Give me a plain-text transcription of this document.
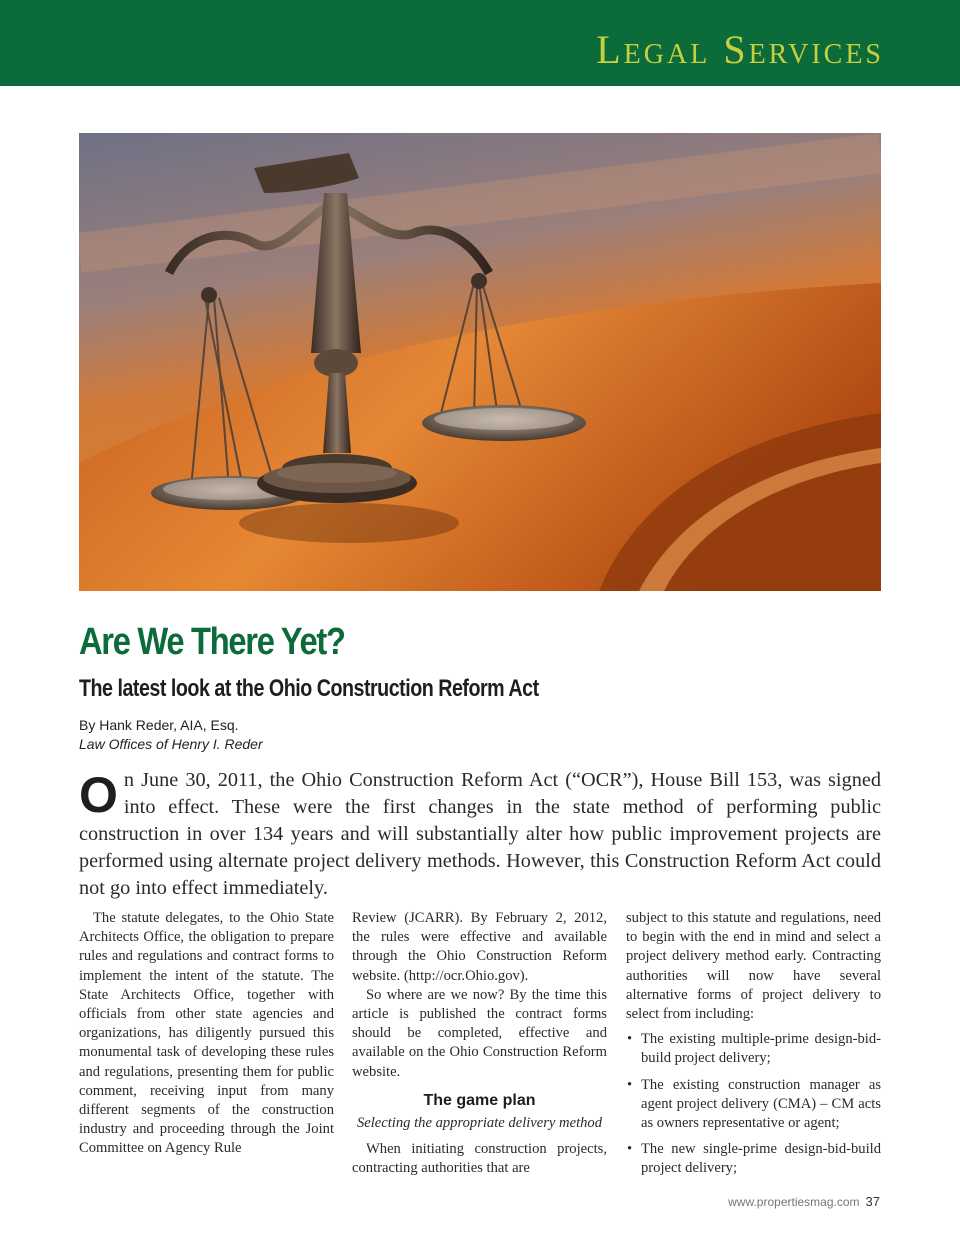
Legal Services
Are We There Yet?
The latest look at the Ohio Construction Reform Act
By Hank Reder, AIA, Esq.
Law Offices of Henry I. Reder

On June 30, 2011, the Ohio Construction Reform Act (“OCR”), House Bill 153, was signed into effect. These were the first changes in the state method of performing public construction in over 134 years and will substantially alter how public improvement projects are performed using alternate project delivery methods. However, this Construction Reform Act could not go into effect immediately.

The statute delegates, to the Ohio State Architects Office, the obligation to prepare rules and regulations and contract forms to implement the intent of the statute. The State Architects Office, together with officials from other state agencies and organizations, has diligently pursued this monumental task of developing these rules and regulations, presenting them for public comment, receiving input from many different segments of the construction industry and proceeding through the Joint Committee on Agency Rule

Review (JCARR). By February 2, 2012, the rules were effective and available through the Ohio Construction Reform website. (http://ocr.Ohio.gov).

So where are we now? By the time this article is published the contract forms should be completed, effective and available on the Ohio Construction Reform website.

The game plan
Selecting the appropriate delivery method

When initiating construction projects, contracting authorities that are

subject to this statute and regulations, need to begin with the end in mind and select a project delivery method early. Contracting authorities will now have several alternative forms of project delivery to select from including:

• The existing multiple-prime design-bid-build project delivery;
• The existing construction manager as agent project delivery (CMA) – CM acts as owners representative or agent;
• The new single-prime design-bid-build project delivery;
www.propertiesmag.com 37
